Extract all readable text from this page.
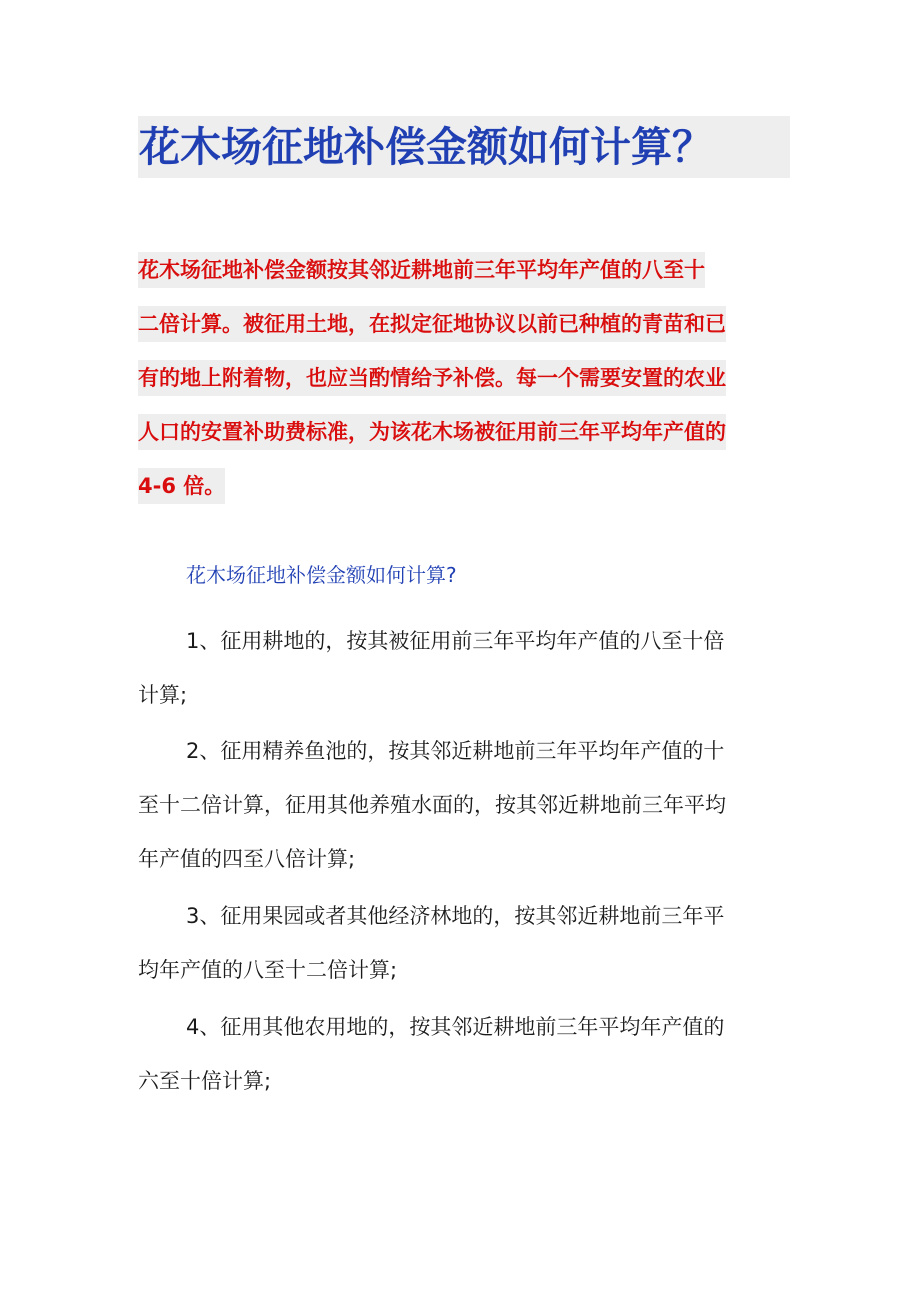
花木场征地补偿金额如何计算？
花木场征地补偿金额按其邻近耕地前三年平均年产值的八至十
二倍计算。被征用土地，在拟定征地协议以前已种植的青苗和已
有的地上附着物，也应当酌情给予补偿。每一个需要安置的农业
人口的安置补助费标准，为该花木场被征用前三年平均年产值的
4-6 倍。
花木场征地补偿金额如何计算?

1、征用耕地的，按其被征用前三年平均年产值的八至十倍
计算;

2、征用精养鱼池的，按其邻近耕地前三年平均年产值的十
至十二倍计算，征用其他养殖水面的，按其邻近耕地前三年平均
年产值的四至八倍计算;

3、征用果园或者其他经济林地的，按其邻近耕地前三年平
均年产值的八至十二倍计算;

4、征用其他农用地的，按其邻近耕地前三年平均年产值的
六至十倍计算;
